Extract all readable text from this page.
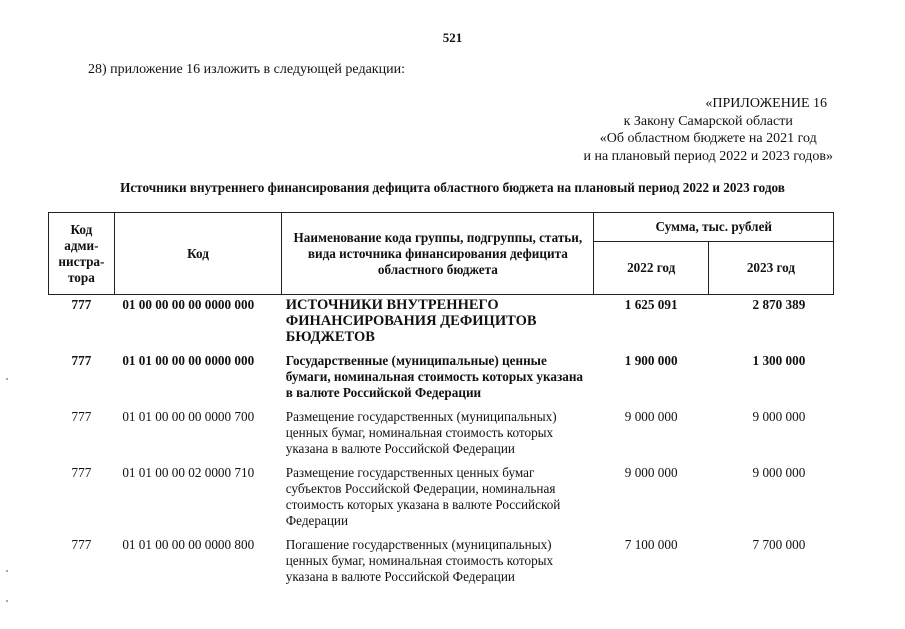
521
28) приложение 16 изложить в следующей редакции:
«ПРИЛОЖЕНИЕ 16
к Закону Самарской области
«Об областном бюджете на 2021 год
и на плановый период 2022 и 2023 годов»
Источники внутреннего финансирования дефицита областного бюджета на плановый период 2022 и 2023 годов
Код адми-нистра-тора	Код	Наименование кода группы, подгруппы, статьи, вида источника финансирования дефицита областного бюджета	Сумма, тыс. рублей	
			2022 год	2023 год
777	01 00 00 00 00 0000 000	ИСТОЧНИКИ ВНУТРЕННЕГО ФИНАНСИРОВАНИЯ ДЕФИЦИТОВ БЮДЖЕТОВ	1 625 091	2 870 389
777	01 01 00 00 00 0000 000	Государственные (муниципальные) ценные бумаги, номинальная стоимость которых указана в валюте Российской Федерации	1 900 000	1 300 000
777	01 01 00 00 00 0000 700	Размещение государственных (муниципальных) ценных бумаг, номинальная стоимость которых указана в валюте Российской Федерации	9 000 000	9 000 000
777	01 01 00 00 02 0000 710	Размещение государственных ценных бумаг субъектов Российской Федерации, номинальная стоимость которых указана в валюте Российской Федерации	9 000 000	9 000 000
777	01 01 00 00 00 0000 800	Погашение государственных (муниципальных) ценных бумаг, номинальная стоимость которых указана в валюте Российской Федерации	7 100 000	7 700 000
